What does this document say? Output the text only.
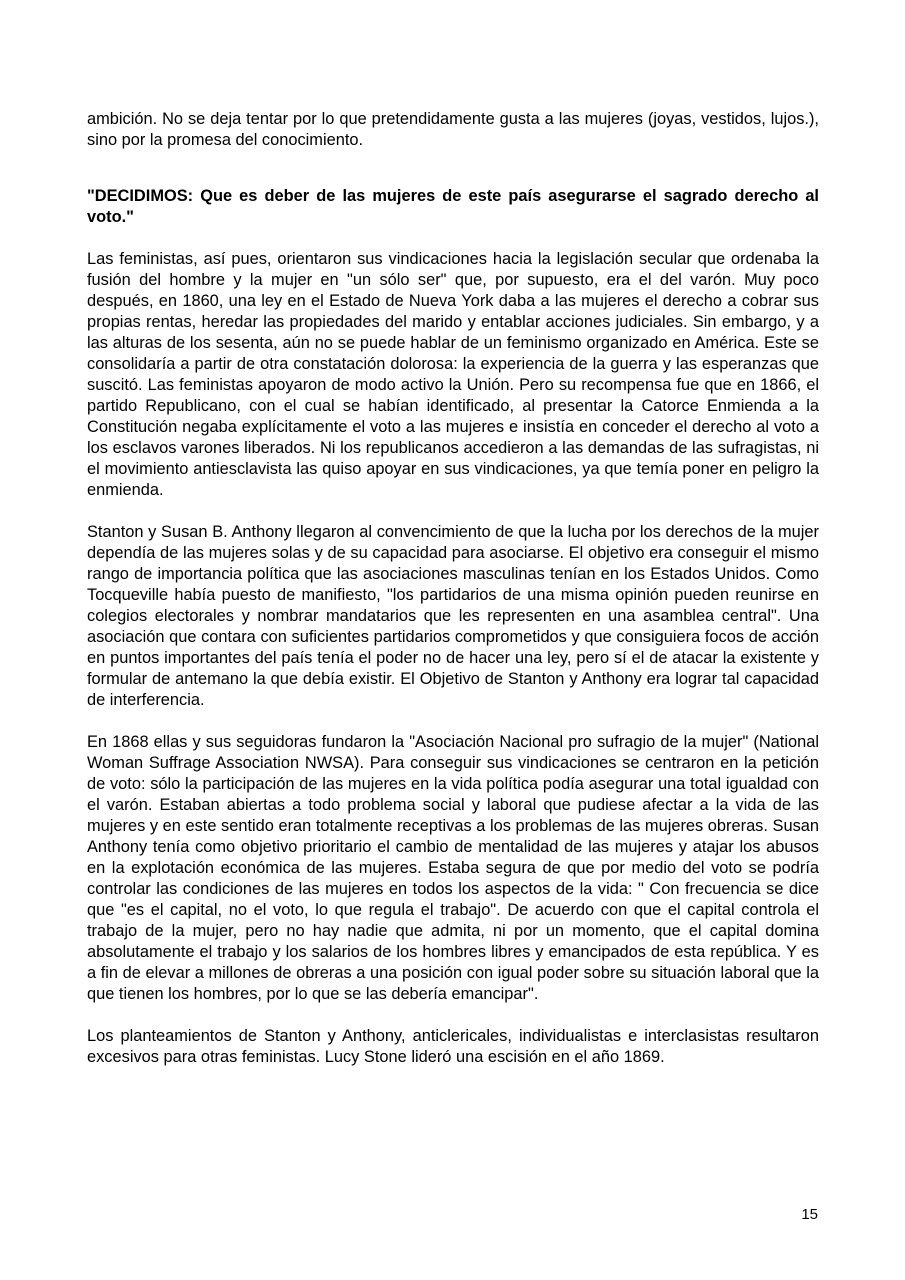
ambición. No se deja tentar por lo que pretendidamente gusta a las mujeres (joyas, vestidos, lujos.), sino por la promesa del conocimiento.

"DECIDIMOS: Que es deber de las mujeres de este país asegurarse el sagrado derecho al voto."

Las feministas, así pues, orientaron sus vindicaciones hacia la legislación secular que ordenaba la fusión del hombre y la mujer en "un sólo ser" que, por supuesto, era el del varón. Muy poco después, en 1860, una ley en el Estado de Nueva York daba a las mujeres el derecho a cobrar sus propias rentas, heredar las propiedades del marido y entablar acciones judiciales. Sin embargo, y a las alturas de los sesenta, aún no se puede hablar de un feminismo organizado en América. Este se consolidaría a partir de otra constatación dolorosa: la experiencia de la guerra y las esperanzas que suscitó. Las feministas apoyaron de modo activo la Unión. Pero su recompensa fue que en 1866, el partido Republicano, con el cual se habían identificado, al presentar la Catorce Enmienda a la Constitución negaba explícitamente el voto a las mujeres e insistía en conceder el derecho al voto a los esclavos varones liberados. Ni los republicanos accedieron a las demandas de las sufragistas, ni el movimiento antiesclavista las quiso apoyar en sus vindicaciones, ya que temía poner en peligro la enmienda.

Stanton y Susan B. Anthony llegaron al convencimiento de que la lucha por los derechos de la mujer dependía de las mujeres solas y de su capacidad para asociarse. El objetivo era conseguir el mismo rango de importancia política que las asociaciones masculinas tenían en los Estados Unidos. Como Tocqueville había puesto de manifiesto, "los partidarios de una misma opinión pueden reunirse en colegios electorales y nombrar mandatarios que les representen en una asamblea central". Una asociación que contara con suficientes partidarios comprometidos y que consiguiera focos de acción en puntos importantes del país tenía el poder no de hacer una ley, pero sí el de atacar la existente y formular de antemano la que debía existir. El Objetivo de Stanton y Anthony era lograr tal capacidad de interferencia.

En 1868 ellas y sus seguidoras fundaron la "Asociación Nacional pro sufragio de la mujer" (National Woman Suffrage Association NWSA). Para conseguir sus vindicaciones se centraron en la petición de voto: sólo la participación de las mujeres en la vida política podía asegurar una total igualdad con el varón. Estaban abiertas a todo problema social y laboral que pudiese afectar a la vida de las mujeres y en este sentido eran totalmente receptivas a los problemas de las mujeres obreras. Susan Anthony tenía como objetivo prioritario el cambio de mentalidad de las mujeres y atajar los abusos en la explotación económica de las mujeres. Estaba segura de que por medio del voto se podría controlar las condiciones de las mujeres en todos los aspectos de la vida: " Con frecuencia se dice que "es el capital, no el voto, lo que regula el trabajo". De acuerdo con que el capital controla el trabajo de la mujer, pero no hay nadie que admita, ni por un momento, que el capital domina absolutamente el trabajo y los salarios de los hombres libres y emancipados de esta república. Y es a fin de elevar a millones de obreras a una posición con igual poder sobre su situación laboral que la que tienen los hombres, por lo que se las debería emancipar".

Los planteamientos de Stanton y Anthony, anticlericales, individualistas e interclasistas resultaron excesivos para otras feministas. Lucy Stone lideró una escisión en el año 1869.

15
